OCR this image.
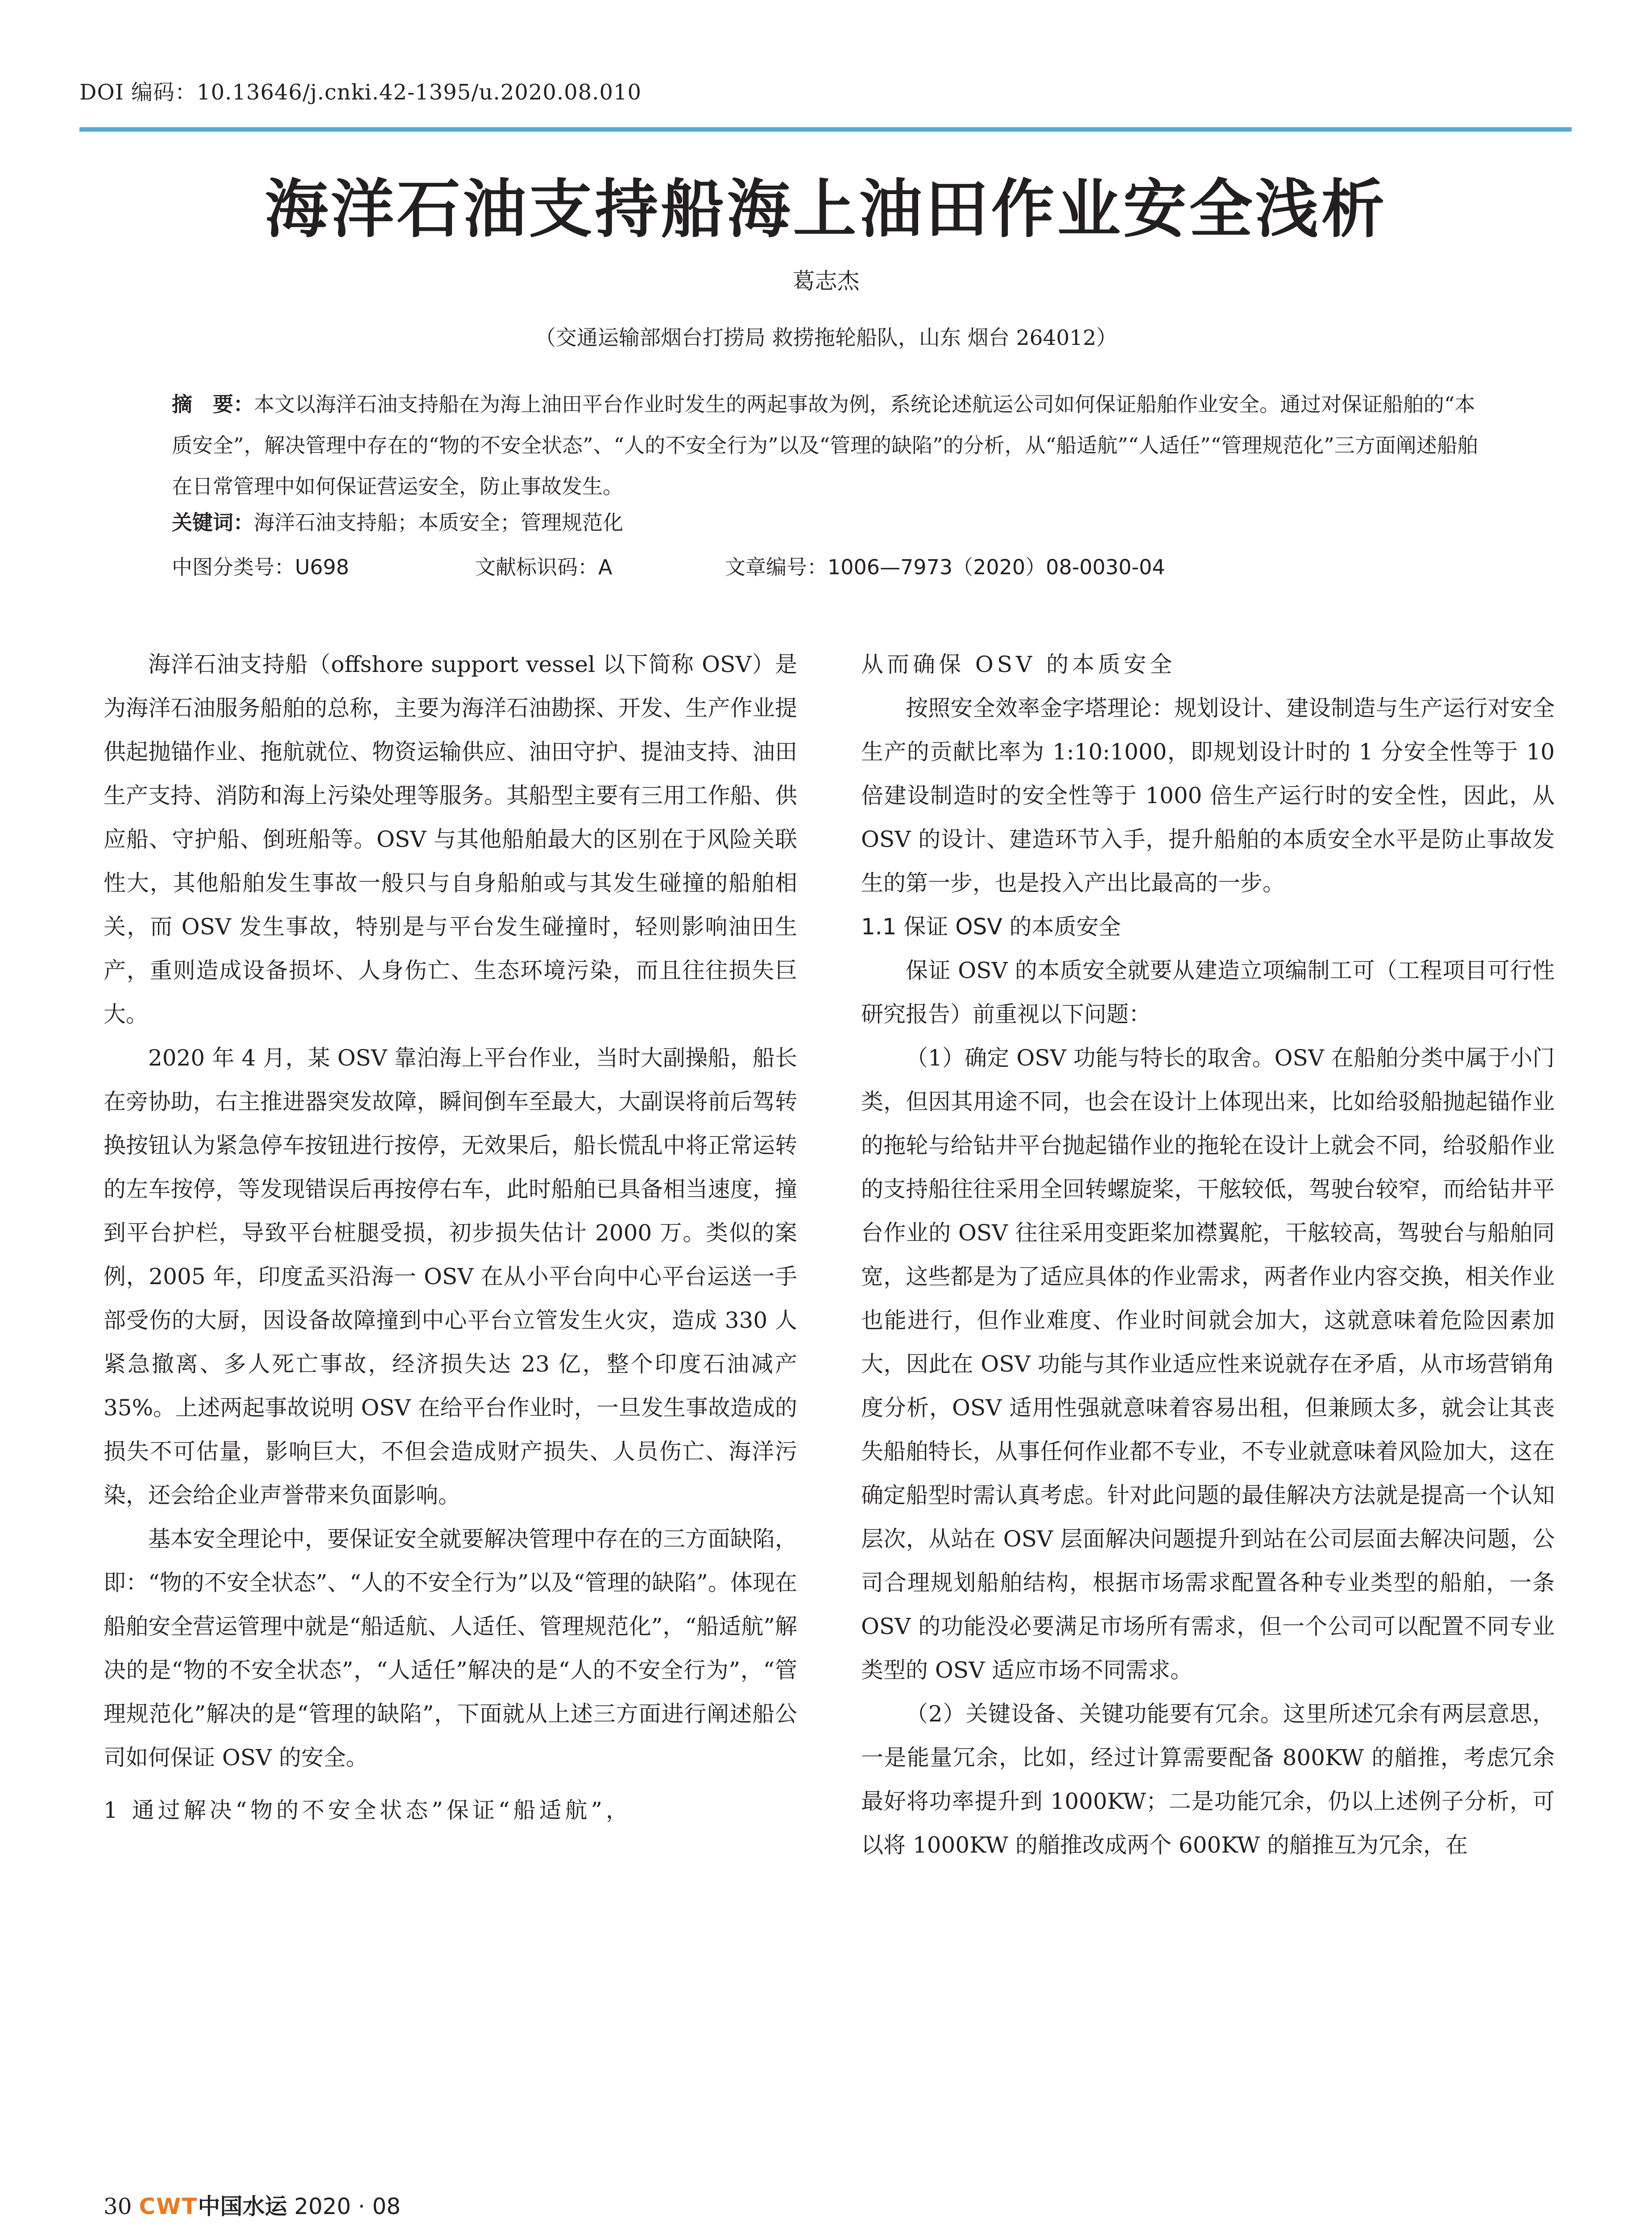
DOI 编码：10.13646/j.cnki.42-1395/u.2020.08.010
海洋石油支持船海上油田作业安全浅析
葛志杰
（交通运输部烟台打捞局 救捞拖轮船队，山东 烟台 264012）
摘　要：本文以海洋石油支持船在为海上油田平台作业时发生的两起事故为例，系统论述航运公司如何保证船舶作业安全。通过对保证船舶的“本质安全”，解决管理中存在的“物的不安全状态”、“人的不安全行为”以及“管理的缺陷”的分析，从“船适航”“人适任”“管理规范化”三方面阐述船舶在日常管理中如何保证营运安全，防止事故发生。
关键词：海洋石油支持船；本质安全；管理规范化
中图分类号：U698	文献标识码：A	文章编号：1006—7973（2020）08-0030-04

海洋石油支持船（offshore support vessel 以下简称 OSV）是为海洋石油服务船舶的总称，主要为海洋石油勘探、开发、生产作业提供起抛锚作业、拖航就位、物资运输供应、油田守护、提油支持、油田生产支持、消防和海上污染处理等服务。其船型主要有三用工作船、供应船、守护船、倒班船等。OSV 与其他船舶最大的区别在于风险关联性大，其他船舶发生事故一般只与自身船舶或与其发生碰撞的船舶相关，而 OSV 发生事故，特别是与平台发生碰撞时，轻则影响油田生产，重则造成设备损坏、人身伤亡、生态环境污染，而且往往损失巨大。

2020 年 4 月，某 OSV 靠泊海上平台作业，当时大副操船，船长在旁协助，右主推进器突发故障，瞬间倒车至最大，大副误将前后驾转换按钮认为紧急停车按钮进行按停，无效果后，船长慌乱中将正常运转的左车按停，等发现错误后再按停右车，此时船舶已具备相当速度，撞到平台护栏，导致平台桩腿受损，初步损失估计 2000 万。类似的案例，2005 年，印度孟买沿海一 OSV 在从小平台向中心平台运送一手部受伤的大厨，因设备故障撞到中心平台立管发生火灾，造成 330 人紧急撤离、多人死亡事故，经济损失达 23 亿，整个印度石油减产 35%。上述两起事故说明 OSV 在给平台作业时，一旦发生事故造成的损失不可估量，影响巨大，不但会造成财产损失、人员伤亡、海洋污染，还会给企业声誉带来负面影响。

基本安全理论中，要保证安全就要解决管理中存在的三方面缺陷，即：“物的不安全状态”、“人的不安全行为”以及“管理的缺陷”。体现在船舶安全营运管理中就是“船适航、人适任、管理规范化”，“船适航”解决的是“物的不安全状态”，“人适任”解决的是“人的不安全行为”，“管理规范化”解决的是“管理的缺陷”，下面就从上述三方面进行阐述船公司如何保证 OSV 的安全。

1 通过解决“物的不安全状态”保证“船适航”，

从而确保 OSV 的本质安全

按照安全效率金字塔理论：规划设计、建设制造与生产运行对安全生产的贡献比率为 1:10:1000，即规划设计时的 1 分安全性等于 10 倍建设制造时的安全性等于 1000 倍生产运行时的安全性，因此，从 OSV 的设计、建造环节入手，提升船舶的本质安全水平是防止事故发生的第一步，也是投入产出比最高的一步。

1.1 保证 OSV 的本质安全

保证 OSV 的本质安全就要从建造立项编制工可（工程项目可行性研究报告）前重视以下问题：

（1）确定 OSV 功能与特长的取舍。OSV 在船舶分类中属于小门类，但因其用途不同，也会在设计上体现出来，比如给驳船抛起锚作业的拖轮与给钻井平台抛起锚作业的拖轮在设计上就会不同，给驳船作业的支持船往往采用全回转螺旋桨，干舷较低，驾驶台较窄，而给钻井平台作业的 OSV 往往采用变距桨加襟翼舵，干舷较高，驾驶台与船舶同宽，这些都是为了适应具体的作业需求，两者作业内容交换，相关作业也能进行，但作业难度、作业时间就会加大，这就意味着危险因素加大，因此在 OSV 功能与其作业适应性来说就存在矛盾，从市场营销角度分析，OSV 适用性强就意味着容易出租，但兼顾太多，就会让其丧失船舶特长，从事任何作业都不专业，不专业就意味着风险加大，这在确定船型时需认真考虑。针对此问题的最佳解决方法就是提高一个认知层次，从站在 OSV 层面解决问题提升到站在公司层面去解决问题，公司合理规划船舶结构，根据市场需求配置各种专业类型的船舶，一条 OSV 的功能没必要满足市场所有需求，但一个公司可以配置不同专业类型的 OSV 适应市场不同需求。

（2）关键设备、关键功能要有冗余。这里所述冗余有两层意思，一是能量冗余，比如，经过计算需要配备 800KW 的艏推，考虑冗余最好将功率提升到 1000KW；二是功能冗余，仍以上述例子分析，可以将 1000KW 的艏推改成两个 600KW 的艏推互为冗余，在

30 CWT中国水运 2020 · 08
